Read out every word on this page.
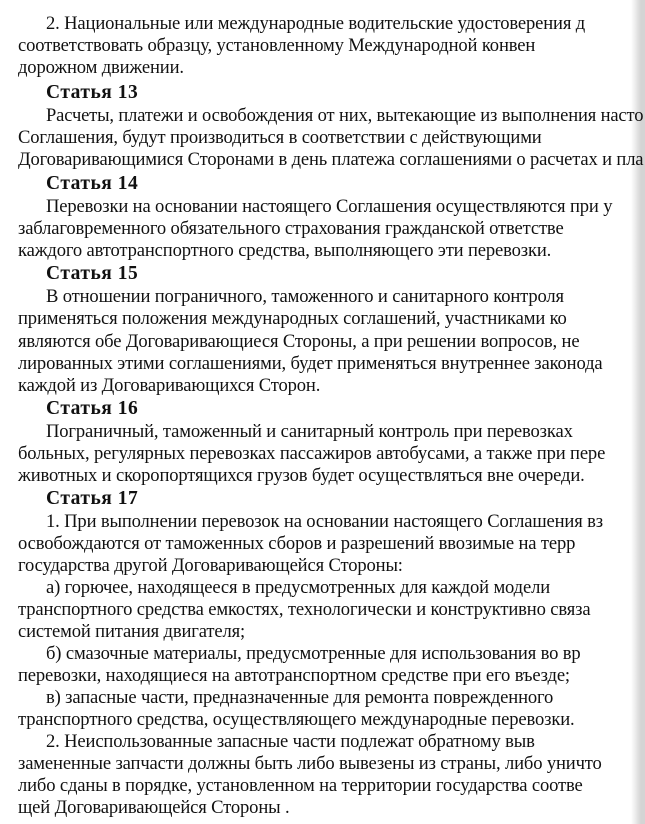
2. Национальные или международные водительские удостоверения д
соответствовать образцу, установленному Международной конвен
дорожном движении.
Статья 13
Расчеты, платежи и освобождения от них, вытекающие из выполнения насто
Соглашения, будут производиться в соответствии с действующими
Договаривающимися Сторонами в день платежа соглашениями о расчетах и пла
Статья 14
Перевозки на основании настоящего Соглашения осуществляются при у
заблаговременного обязательного страхования гражданской ответстве
каждого автотранспортного средства, выполняющего эти перевозки.
Статья 15
В отношении пограничного, таможенного и санитарного контроля
применяться положения международных соглашений, участниками ко
являются обе Договаривающиеся Стороны, а при решении вопросов, не
лированных этими соглашениями, будет применяться внутреннее законода
каждой из Договаривающихся Сторон.
Статья 16
Пограничный, таможенный и санитарный контроль при перевозках
больных, регулярных перевозках пассажиров автобусами, а также при пере
животных и скоропортящихся грузов будет осуществляться вне очереди.
Статья 17
1. При выполнении перевозок на основании настоящего Соглашения вз
освобождаются от таможенных сборов и разрешений ввозимые на терр
государства другой Договаривающейся Стороны:
а) горючее, находящееся в предусмотренных для каждой модели
транспортного средства емкостях, технологически и конструктивно связа
системой питания двигателя;
б) смазочные материалы, предусмотренные для использования во вр
перевозки, находящиеся на автотранспортном средстве при его въезде;
в) запасные части, предназначенные для ремонта поврежденного
транспортного средства, осуществляющего международные перевозки.
2. Неиспользованные запасные части подлежат обратному выв
замененные запчасти должны быть либо вывезены из страны, либо уничто
либо сданы в порядке, установленном на территории государства соотве
щей Договаривающейся Стороны .
